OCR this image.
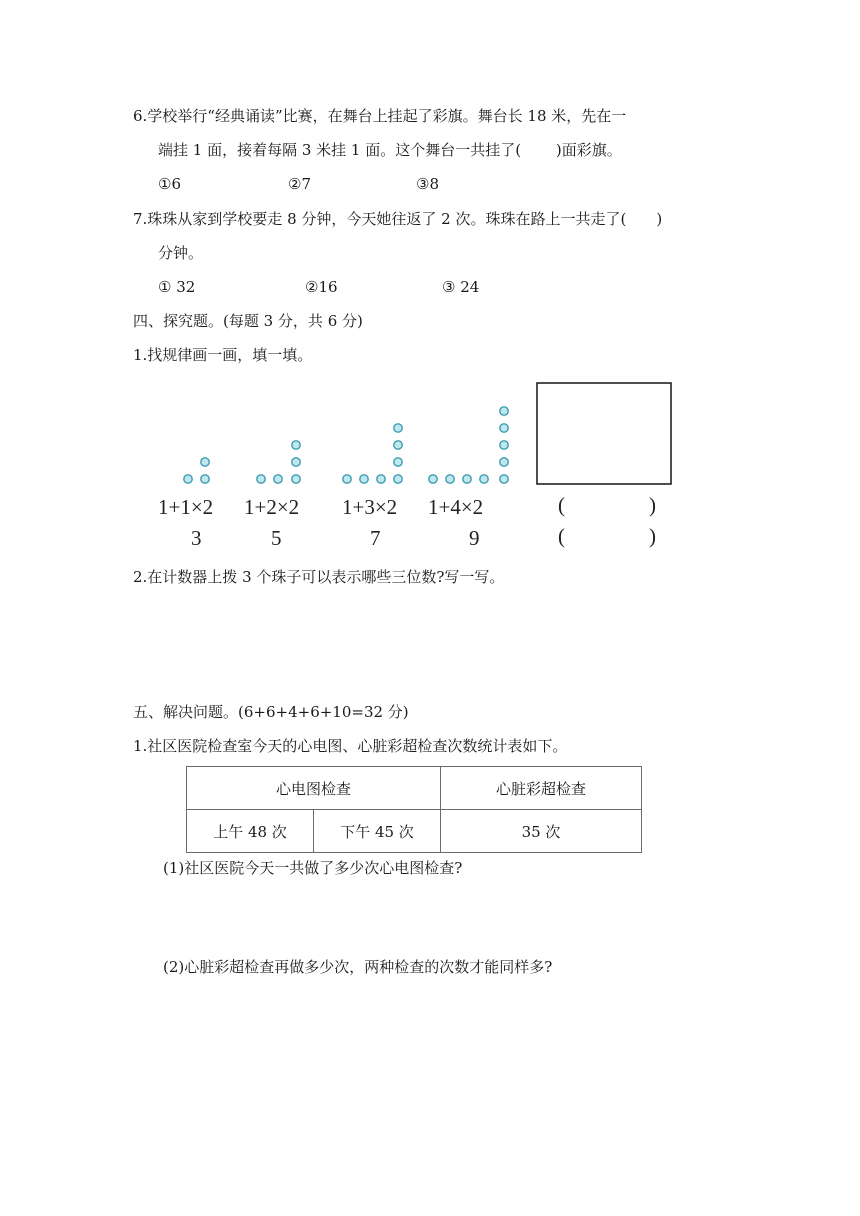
6.学校举行“经典诵读”比赛，在舞台上挂起了彩旗。舞台长 18 米，先在一
端挂 1 面，接着每隔 3 米挂 1 面。这个舞台一共挂了(　　 )面彩旗。
①6	②7	③8
7.珠珠从家到学校要走 8 分钟，今天她往返了 2 次。珠珠在路上一共走了(　　)
分钟。
① 32	②16	③ 24
四、探究题。(每题 3 分，共 6 分)
1.找规律画一画，填一填。
1+1×2 1+2×2 1+3×2 1+4×2	(　　　　)
3	5	7	9	(　　　　)
2.在计数器上拨 3 个珠子可以表示哪些三位数?写一写。
五、解决问题。(6+6+4+6+10=32 分)
1.社区医院检查室今天的心电图、心脏彩超检查次数统计表如下。
心电图检查		心脏彩超检查
上午 48 次	下午 45 次	35 次
(1)社区医院今天一共做了多少次心电图检查?
(2)心脏彩超检查再做多少次，两种检查的次数才能同样多?
